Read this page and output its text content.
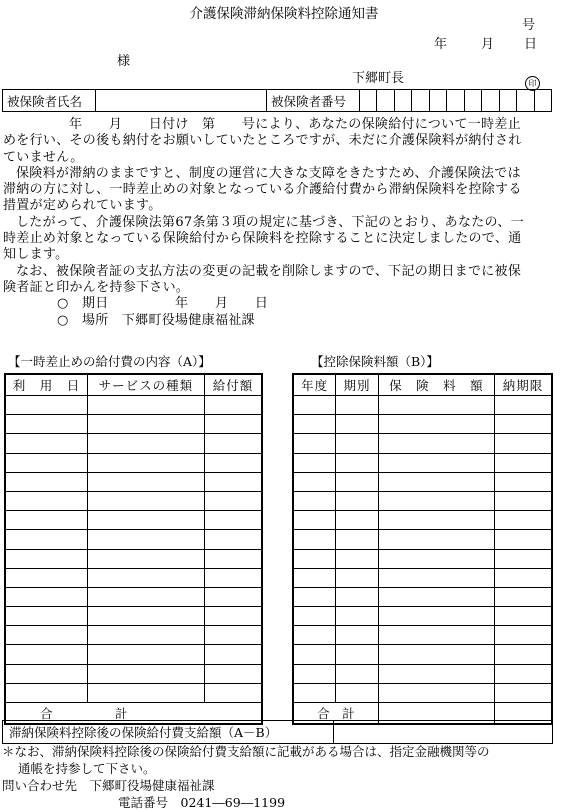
介護保険滞納保険料控除通知書
号
年	月 日
様
下郷町長	印
被保険者氏名		被保険者番号											

年　　月　　日付け　第　　号により、あなたの保険給付について一時差止

めを行い、その後も納付をお願いしていたところですが、未だに介護保険料が納付され

ていません。

保険料が滞納のままですと、制度の運営に大きな支障をきたすため、介護保険法では

滞納の方に対し、一時差止めの対象となっている介護給付費から滞納保険料を控除する

措置が定められています。

したがって、介護保険法第67条第３項の規定に基づき、下記のとおり、あなたの、一

時差止め対象となっている保険給付から保険料を控除することに決定しましたので、通

知します。

なお、被保険者証の支払方法の変更の記載を削除しますので、下記の期日までに被保

険者証と印かんを持参下さい。

○　期日　　　　　年　　月　　日

○　場所　下郷町役場健康福祉課

【一時差止めの給付費の内容（A）】	【控除保険料額（B）】
利　用　日	サービスの種類	給付額

合　　　　　計		
年度	期別	保　険　料　額	納期限

合　計			
滞納保険料控除後の保険給付費支給額（A－B）	
＊なお、滞納保険料控除後の保険給付費支給額に記載がある場合は、指定金融機関等の
通帳を持参して下さい。
問い合わせ先　下郷町役場健康福祉課
電話番号　0241―69―1199
